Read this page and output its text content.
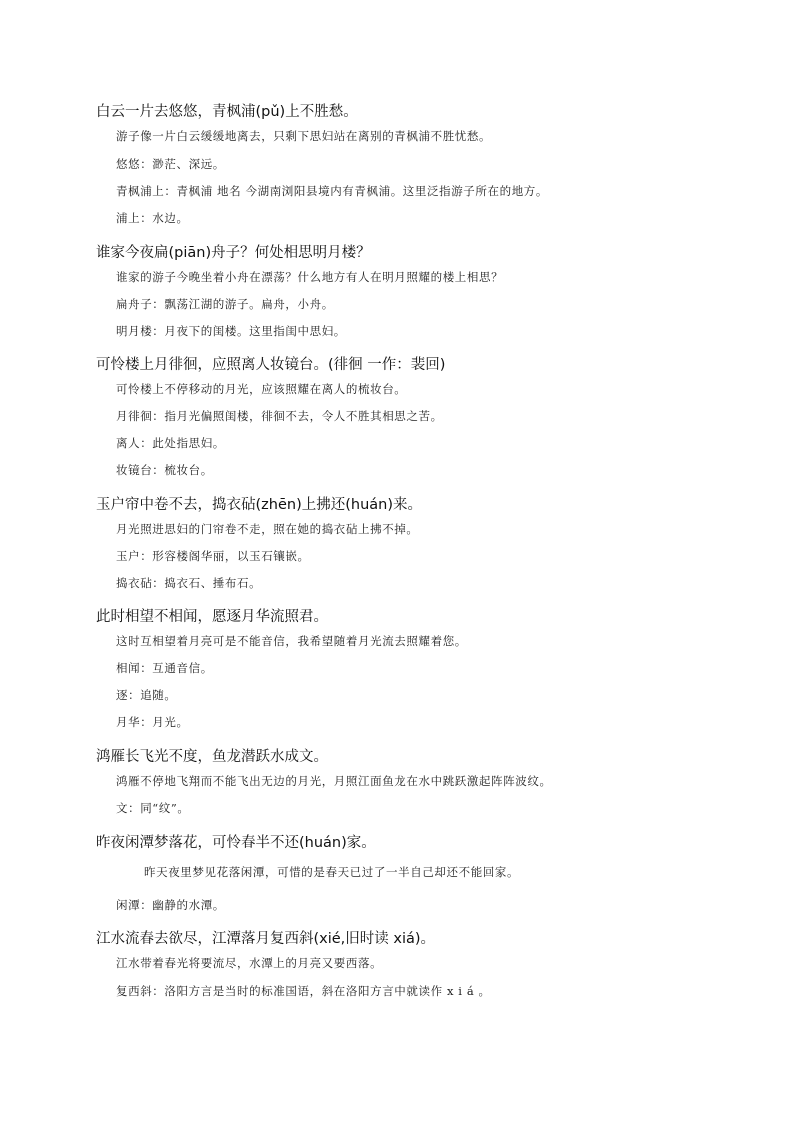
白云一片去悠悠，青枫浦(pǔ)上不胜愁。
游子像一片白云缓缓地离去，只剩下思妇站在离别的青枫浦不胜忧愁。
悠悠：渺茫、深远。
青枫浦上：青枫浦 地名 今湖南浏阳县境内有青枫浦。这里泛指游子所在的地方。
浦上：水边。
谁家今夜扁(piān)舟子？何处相思明月楼？
谁家的游子今晚坐着小舟在漂荡？什么地方有人在明月照耀的楼上相思？
扁舟子：飘荡江湖的游子。扁舟，小舟。
明月楼：月夜下的闺楼。这里指闺中思妇。
可怜楼上月徘徊，应照离人妆镜台。(徘徊 一作：裴回)
可怜楼上不停移动的月光，应该照耀在离人的梳妆台。
月徘徊：指月光偏照闺楼，徘徊不去，令人不胜其相思之苦。
离人：此处指思妇。
妆镜台：梳妆台。
玉户帘中卷不去，捣衣砧(zhēn)上拂还(huán)来。
月光照进思妇的门帘卷不走，照在她的捣衣砧上拂不掉。
玉户：形容楼阁华丽，以玉石镶嵌。
捣衣砧：捣衣石、捶布石。
此时相望不相闻，愿逐月华流照君。
这时互相望着月亮可是不能音信，我希望随着月光流去照耀着您。
相闻：互通音信。
逐：追随。
月华：月光。
鸿雁长飞光不度，鱼龙潜跃水成文。
鸿雁不停地飞翔而不能飞出无边的月光，月照江面鱼龙在水中跳跃激起阵阵波纹。
文：同“纹”。
昨夜闲潭梦落花，可怜春半不还(huán)家。
昨天夜里梦见花落闲潭，可惜的是春天已过了一半自己却还不能回家。
闲潭：幽静的水潭。
江水流春去欲尽，江潭落月复西斜(xié,旧时读 xiá)。
江水带着春光将要流尽，水潭上的月亮又要西落。
复西斜：洛阳方言是当时的标准国语，斜在洛阳方言中就读作 x i á 。
